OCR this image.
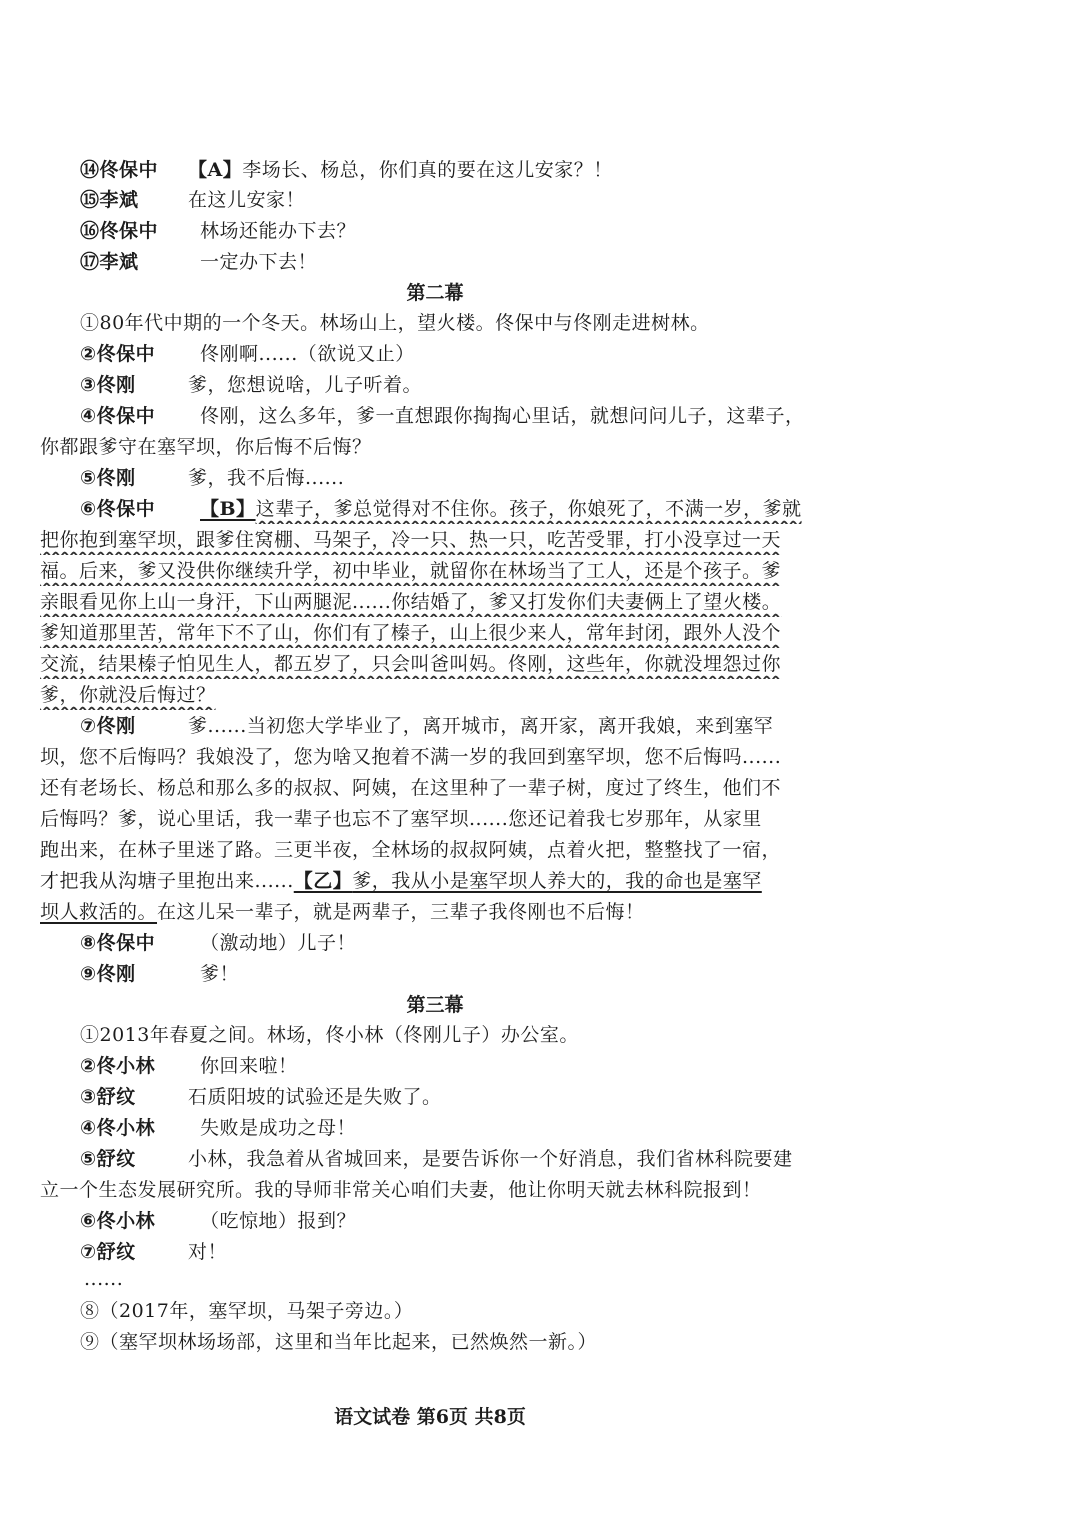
⑭佟保中 【A】李场长、杨总，你们真的要在这儿安家？！
⑮李斌	在这儿安家！
⑯佟保中 林场还能办下去？
⑰李斌	一定办下去！
第二幕
①80年代中期的一个冬天。林场山上，望火楼。佟保中与佟刚走进树林。
②佟保中 佟刚啊......（欲说又止）
③佟刚	爹，您想说啥，儿子听着。
④佟保中 佟刚，这么多年，爹一直想跟你掏掏心里话，就想问问儿子，这辈子，
你都跟爹守在塞罕坝，你后悔不后悔？
⑤佟刚	爹，我不后悔......
⑥佟保中 【B】这辈子，爹总觉得对不住你。孩子，你娘死了，不满一岁，爹就
把你抱到塞罕坝，跟爹住窝棚、马架子，冷一只、热一只，吃苦受罪，打小没享过一天
福。后来，爹又没供你继续升学，初中毕业，就留你在林场当了工人，还是个孩子。爹
亲眼看见你上山一身汗，下山两腿泥......你结婚了，爹又打发你们夫妻俩上了望火楼。
爹知道那里苦，常年下不了山，你们有了榛子，山上很少来人，常年封闭，跟外人没个
交流，结果榛子怕见生人，都五岁了，只会叫爸叫妈。佟刚，这些年，你就没埋怨过你
爹，你就没后悔过？
⑦佟刚	爹......当初您大学毕业了，离开城市，离开家，离开我娘，来到塞罕
坝，您不后悔吗？我娘没了，您为啥又抱着不满一岁的我回到塞罕坝，您不后悔吗......
还有老场长、杨总和那么多的叔叔、阿姨，在这里种了一辈子树，度过了终生，他们不
后悔吗？爹，说心里话，我一辈子也忘不了塞罕坝......您还记着我七岁那年，从家里
跑出来，在林子里迷了路。三更半夜，全林场的叔叔阿姨，点着火把，整整找了一宿，
才把我从沟塘子里抱出来......【乙】爹，我从小是塞罕坝人养大的，我的命也是塞罕
坝人救活的。在这儿呆一辈子，就是两辈子，三辈子我佟刚也不后悔！
⑧佟保中 （激动地）儿子！
⑨佟刚	爹！
第三幕
①2013年春夏之间。林场，佟小林（佟刚儿子）办公室。
②佟小林 你回来啦！
③舒纹	石质阳坡的试验还是失败了。
④佟小林 失败是成功之母！
⑤舒纹	小林，我急着从省城回来，是要告诉你一个好消息，我们省林科院要建
立一个生态发展研究所。我的导师非常关心咱们夫妻，他让你明天就去林科院报到！
⑥佟小林 （吃惊地）报到？
⑦舒纹	对！
......
⑧（2017年，塞罕坝，马架子旁边。）
⑨（塞罕坝林场场部，这里和当年比起来，已然焕然一新。）
语文试卷 第6页 共8页
